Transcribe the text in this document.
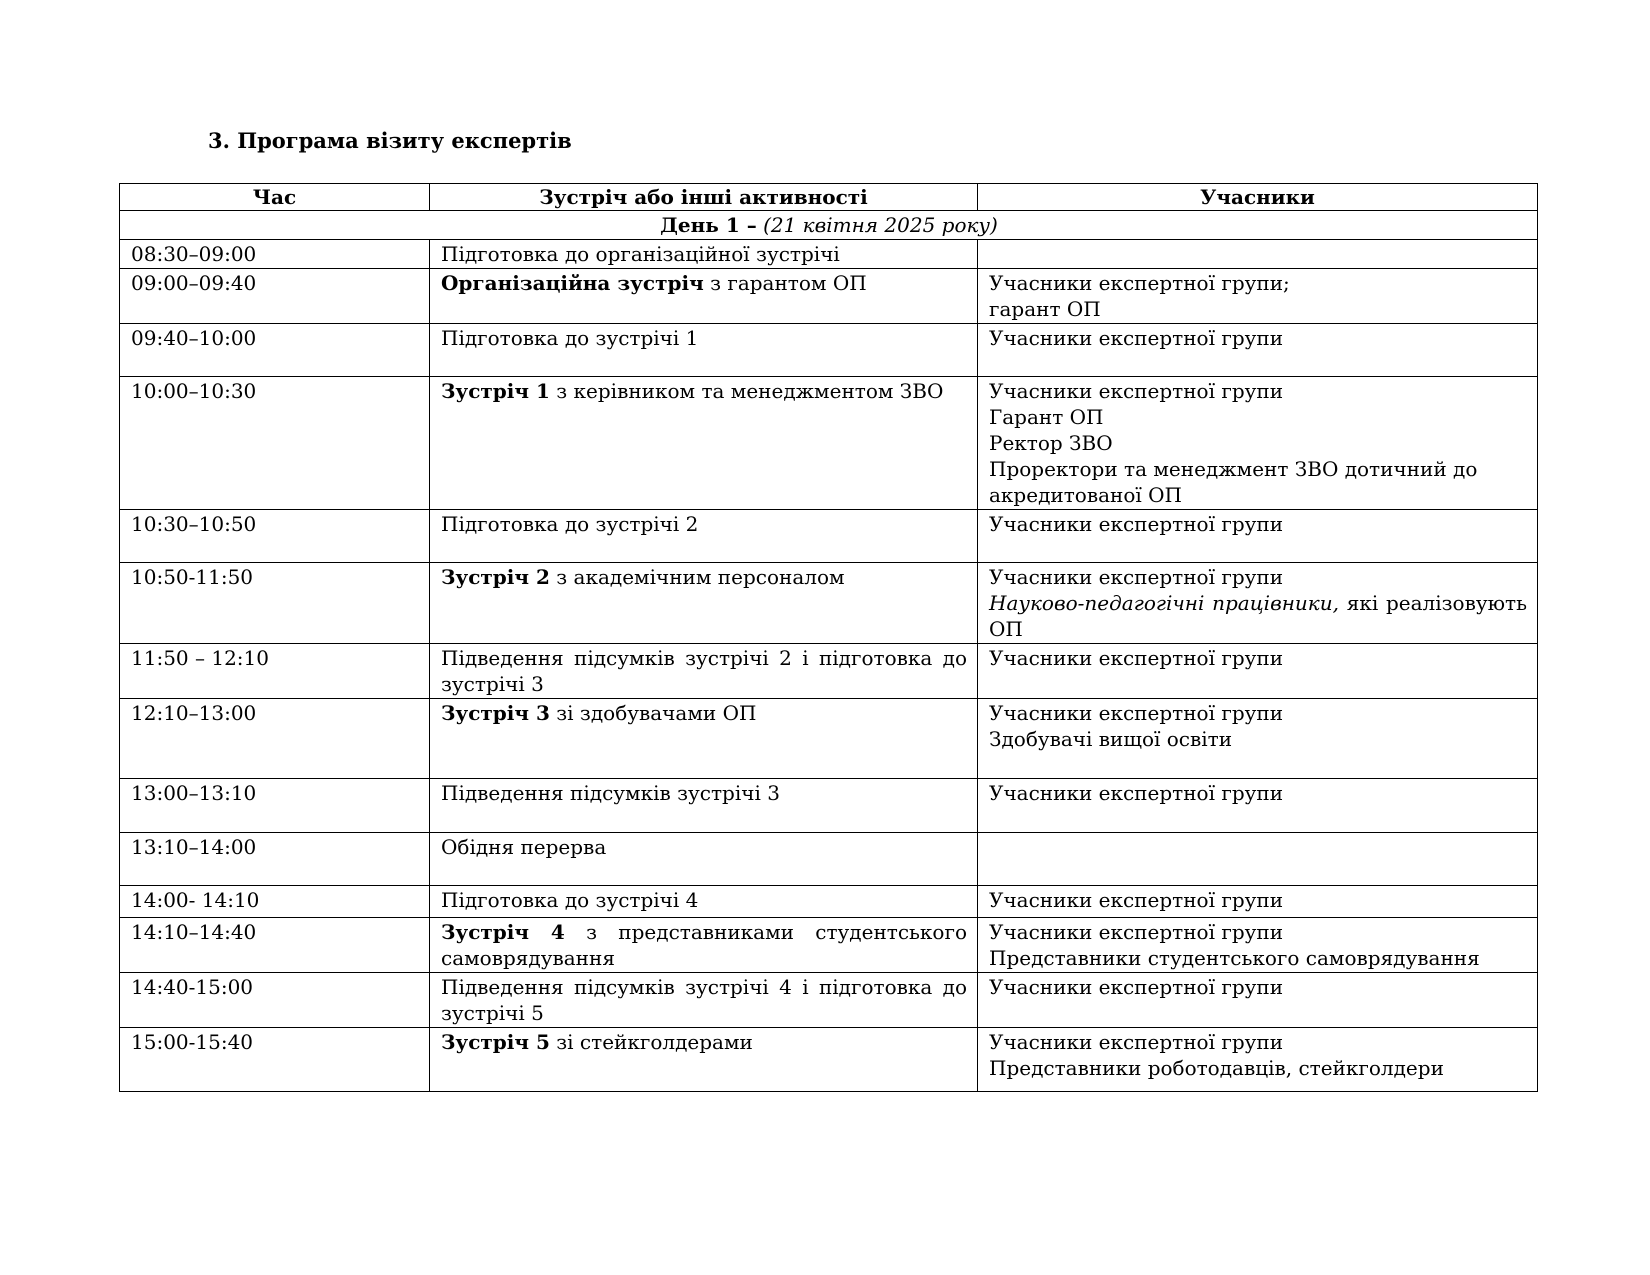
3. Програма візиту експертів
Час	Зустріч або інші активності	Учасники
День 1 – (21 квітня 2025 року)		
08:30–09:00	Підготовка до організаційної зустрічі	
09:00–09:40	Організаційна зустріч з гарантом ОП	Учасники експертної групи;
гарант ОП

09:40–10:00	Підготовка до зустрічі 1	Учасники експертної групи

10:00–10:30	Зустріч 1 з керівником та менеджментом ЗВО	Учасники експертної групи
Гарант ОП
Ректор ЗВО
Проректори та менеджмент ЗВО дотичний до акредитованої ОП

10:30–10:50	Підготовка до зустрічі 2	Учасники експертної групи

10:50-11:50	Зустріч 2 з академічним персоналом	Учасники експертної групи
Науково-педагогічні працівники, які реалізовують ОП
11:50 – 12:10	Підведення підсумків зустрічі 2 і підготовка до зустрічі 3	Учасники експертної групи

12:10–13:00	Зустріч 3 зі здобувачами ОП	Учасники експертної групи
Здобувачі вищої освіти

13:00–13:10	Підведення підсумків зустрічі 3	Учасники експертної групи

13:10–14:00	Обідня перерва	
14:00- 14:10	Підготовка до зустрічі 4	Учасники експертної групи

14:10–14:40	Зустріч 4 з представниками студентського самоврядування	Учасники експертної групи
Представники студентського самоврядування

14:40-15:00	Підведення підсумків зустрічі 4 і підготовка до зустрічі 5	Учасники експертної групи

15:00-15:40	Зустріч 5 зі стейкголдерами	Учасники експертної групи
Представники роботодавців, стейкголдери
